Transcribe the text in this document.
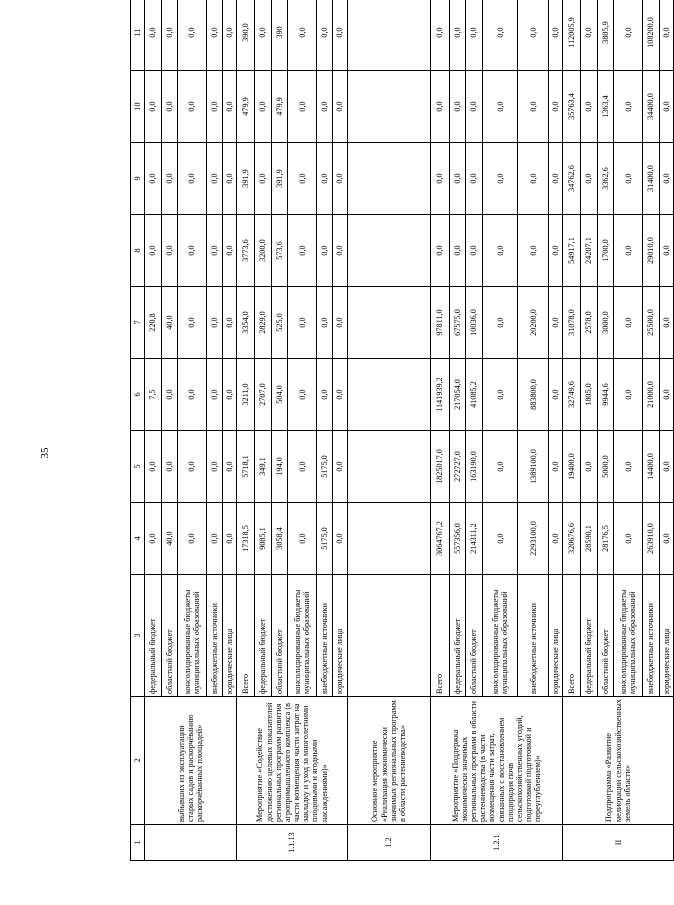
35
1	2	3	4	5	6	7	8	9	10	11
	выбывших из эксплуатации старых садов и раскорчёванию раскорчёванных площадей»	федеральный бюджет	0,0	0,0	7,5	220,8	0,0	0,0	0,0	0,0
		областной бюджет	40,0	0,0	0,0	40,0	0,0	0,0	0,0	0,0
		консолидированные бюджеты муниципальных образований	0,0	0,0	0,0	0,0	0,0	0,0	0,0	0,0
		внебюджетные источники	0,0	0,0	0,0	0,0	0,0	0,0	0,0	0,0
		юридические лица	0,0	0,0	0,0	0,0	0,0	0,0	0,0	0,0
1.1.13	Мероприятие «Содействие достижению целевых показателей региональных программ развития агропромышленного комплекса (в части возмещения части затрат на закладку и уход за многолетними плодовыми и ягодными насаждениями)»	Всего	17318,5	5718,1	3211,0	3354,0	3773,6	391,9	479,9	390,0
		федеральный бюджет	9085,1	349,1	2707,0	2829,0	3200,0	0,0	0,0	0,0
		областной бюджет	3058,4	194,0	504,0	525,0	573,6	391,9	479,9	390
		консолидированные бюджеты муниципальных образований	0,0	0,0	0,0	0,0	0,0	0,0	0,0	0,0
		внебюджетные источники	5175,0	5175,0	0,0	0,0	0,0	0,0	0,0	0,0
		юридические лица	0,0	0,0	0,0	0,0	0,0	0,0	0,0	0,0
1.2	Основное мероприятие «Реализация экономически значимых региональных программ в области растениеводства»									
1.2.1	Мероприятие «Поддержка экономически значимых региональных программ в области растениеводства (в части возмещения части затрат, связанных с восстановлением плодородия почв сельскохозяйственных угодий, подготовкой подготовкой и переуглублением)»	Всего	3064767,2	1825017,0	1141939,2	97811,0	0,0	0,0	0,0	0,0
		федеральный бюджет	557356,0	272727,0	217054,0	67575,0	0,0	0,0	0,0	0,0
		областной бюджет	214311,2	163190,0	41085,2	10036,0	0,0	0,0	0,0	0,0
		консолидированные бюджеты муниципальных образований	0,0	0,0	0,0	0,0	0,0	0,0	0,0	0,0
		внебюджетные источники	2293100,0	1389100,0	883800,0	20200,0	0,0	0,0	0,0	0,0
		юридические лица	0,0	0,0	0,0	0,0	0,0	0,0	0,0	0,0
II	Подпрограмма «Развитие мелиорации сельскохозяйственных земель области»	Всего	320676,6	19400,0	32749,6	31078,0	54917,1	34762,6	35763,4	112005,9
		федеральный бюджет	28590,1	0,0	1805,0	2578,0	24207,1	0,0	0,0	0,0
		областной бюджет	28176,5	5000,0	9944,6	3000,0	1700,0	3362,6	1363,4	3805,9
		консолидированные бюджеты муниципальных образований	0,0	0,0	0,0	0,0	0,0	0,0	0,0	0,0
		внебюджетные источники	263910,0	14400,0	21000,0	25500,0	29010,0	31400,0	34400,0	108200,0
		юридические лица	0,0	0,0	0,0	0,0	0,0	0,0	0,0	0,0
